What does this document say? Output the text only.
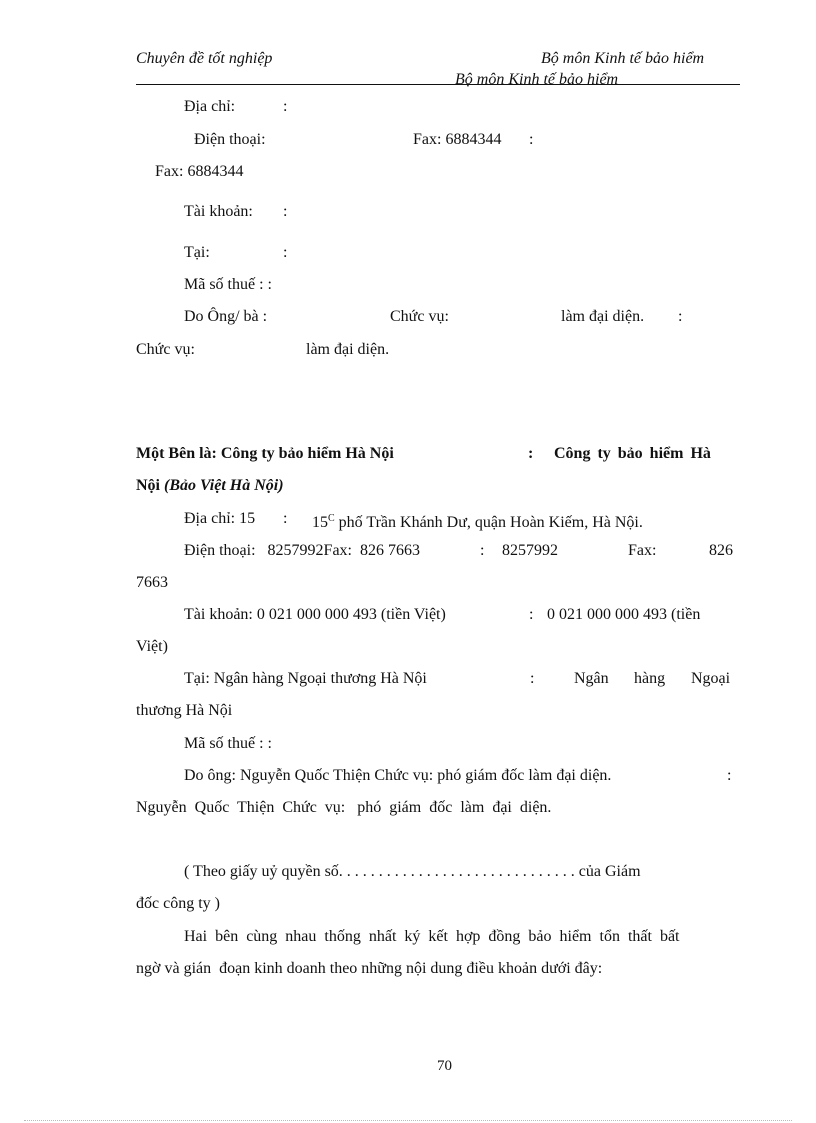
Chuyên đề tốt nghiệp	Bộ môn Kinh tế bảo hiểm
Bộ môn Kinh tế bảo hiểm
Địa chỉ:	:
Điện thoại:	Fax: 6884344 :
Fax: 6884344
Tài khoản: :
Tại:	:
Mã số thuế : :
Do Ông/ bà :	Chức vụ:	làm đại diện. :
Chức vụ:	làm đại diện.
Một Bên là: Công ty bảo hiểm Hà Nội	: Công ty bảo hiểm Hà
Nội (Bảo Việt Hà Nội)
Địa chỉ: 15 : $15^C$ phố Trần Khánh Dư, quận Hoàn Kiếm, Hà Nội.
Điện thoại:   8257992Fax:  826 7663	: 8257992	Fax:	826
7663
Tài khoản: 0 021 000 000 493 (tiền Việt)	: 0 021 000 000 493 (tiền
Việt)
Tại: Ngân hàng Ngoại thương Hà Nội	: Ngân hàng Ngoại
thương Hà Nội
Mã số thuế : :
Do ông: Nguyễn Quốc Thiện Chức vụ: phó giám đốc làm đại diện.	:
Nguyễn  Quốc  Thiện  Chức  vụ:   phó  giám  đốc  làm  đại  diện.
( Theo giấy uỷ quyền số. . . . . . . . . . . . . . . . . . . . . . . . . . . . . . của Giám
đốc công ty )
Hai  bên  cùng  nhau  thống  nhất  ký  kết  hợp  đồng  bảo  hiểm  tổn  thất  bất
ngờ và gián  đoạn kinh doanh theo những nội dung điều khoản dưới đây:
70
